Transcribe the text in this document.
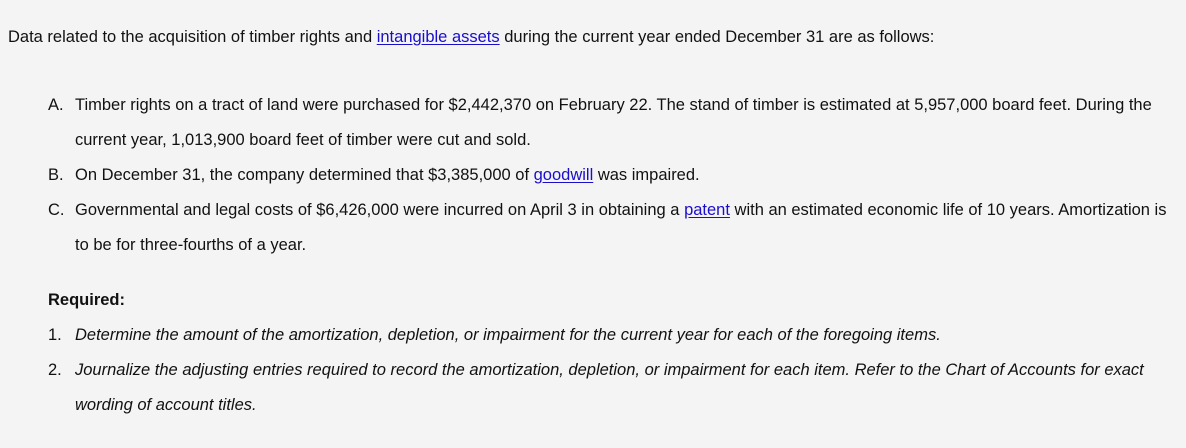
Data related to the acquisition of timber rights and intangible assets during the current year ended December 31 are as follows:

A. Timber rights on a tract of land were purchased for $2,442,370 on February 22. The stand of timber is estimated at 5,957,000 board feet. During the current year, 1,013,900 board feet of timber were cut and sold.
B. On December 31, the company determined that $3,385,000 of goodwill was impaired.
C. Governmental and legal costs of $6,426,000 were incurred on April 3 in obtaining a patent with an estimated economic life of 10 years. Amortization is to be for three-fourths of a year.
Required:
1. Determine the amount of the amortization, depletion, or impairment for the current year for each of the foregoing items.
2. Journalize the adjusting entries required to record the amortization, depletion, or impairment for each item. Refer to the Chart of Accounts for exact wording of account titles.
